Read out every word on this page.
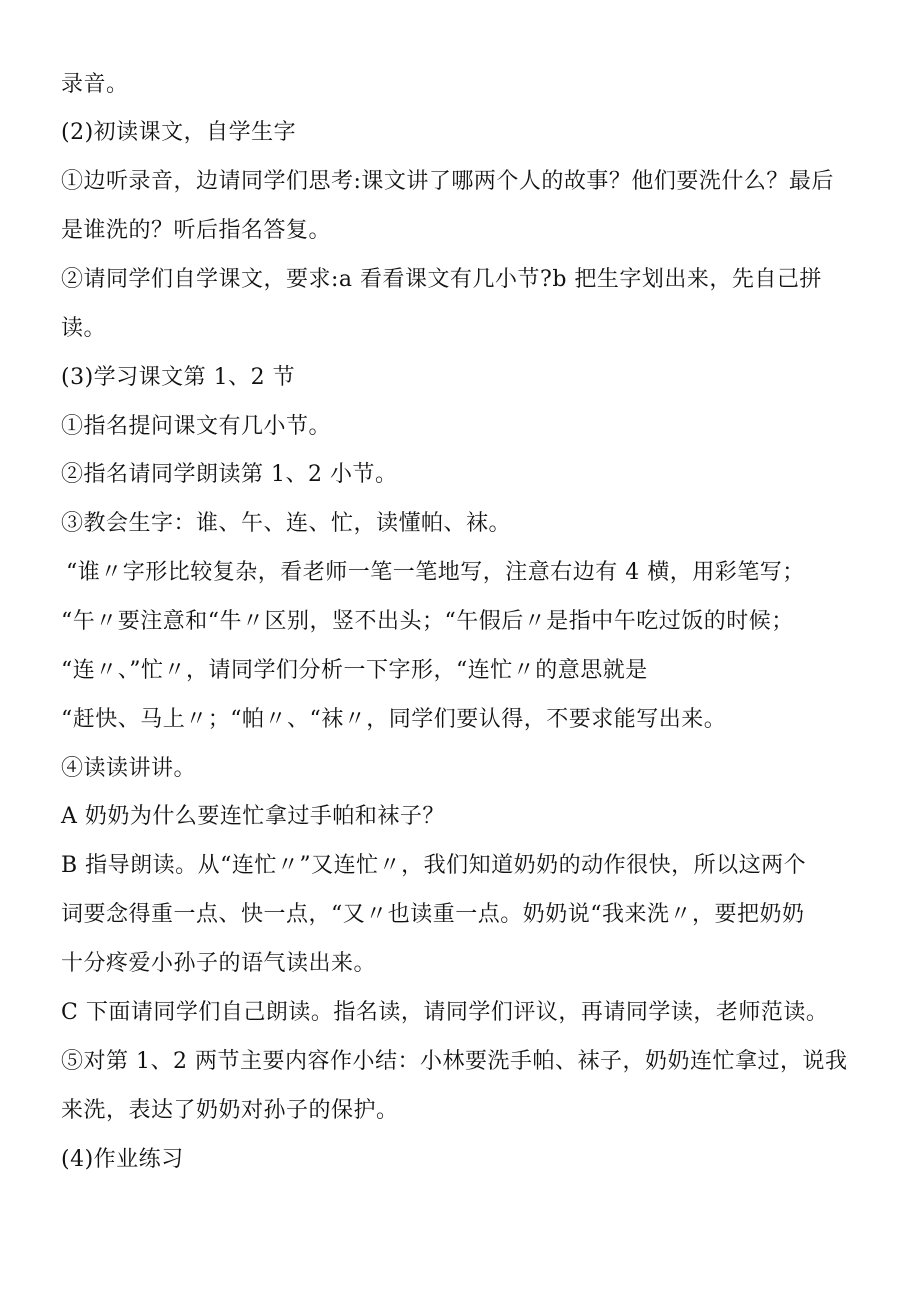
录音。
(2)初读课文，自学生字
①边听录音，边请同学们思考:课文讲了哪两个人的故事？他们要洗什么？最后
是谁洗的？听后指名答复。
②请同学们自学课文，要求:a 看看课文有几小节?b 把生字划出来，先自己拼
读。
(3)学习课文第 1、2 节
①指名提问课文有几小节。
②指名请同学朗读第 1、2 小节。
③教会生字：谁、午、连、忙，读懂帕、袜。
“谁〃字形比较复杂，看老师一笔一笔地写，注意右边有 4 横，用彩笔写；
“午〃要注意和“牛〃区别，竖不出头；“午假后〃是指中午吃过饭的时候；
“连〃、”忙〃，请同学们分析一下字形，“连忙〃的意思就是
“赶快、马上〃；“帕〃、“袜〃，同学们要认得，不要求能写出来。
④读读讲讲。
A 奶奶为什么要连忙拿过手帕和袜子？
B 指导朗读。从“连忙〃”又连忙〃，我们知道奶奶的动作很快，所以这两个
词要念得重一点、快一点，“又〃也读重一点。奶奶说“我来洗〃，要把奶奶
十分疼爱小孙子的语气读出来。
C 下面请同学们自己朗读。指名读，请同学们评议，再请同学读，老师范读。
⑤对第 1、2 两节主要内容作小结：小林要洗手帕、袜子，奶奶连忙拿过，说我
来洗，表达了奶奶对孙子的保护。
(4)作业练习
